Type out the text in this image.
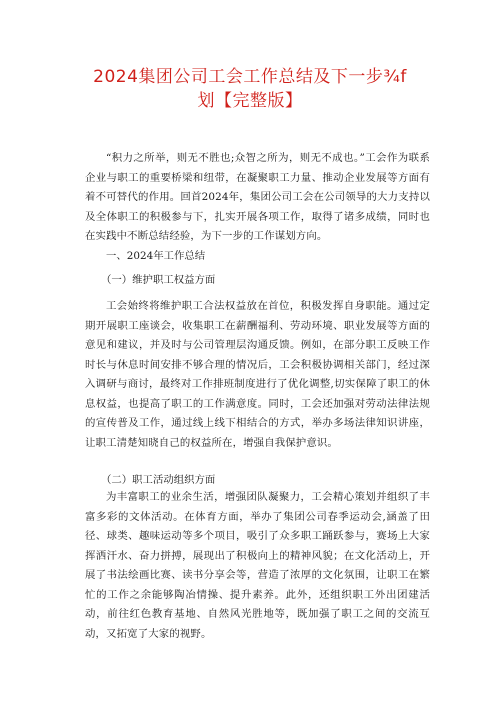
2024集团公司工会工作总结及下一步¾f
划【完整版】

“积力之所举，则无不胜也;众智之所为，则无不成也。”工会作为联系企业与职工的重要桥梁和纽带，在凝聚职工力量、推动企业发展等方面有着不可替代的作用。回首2024年，集团公司工会在公司领导的大力支持以及全体职工的积极参与下，扎实开展各项工作，取得了诸多成绩，同时也在实践中不断总结经验，为下一步的工作谋划方向。

一、2024年工作总结

（一）维护职工权益方面

工会始终将维护职工合法权益放在首位，积极发挥自身职能。通过定期开展职工座谈会，收集职工在薪酬福利、劳动环境、职业发展等方面的意见和建议，并及时与公司管理层沟通反馈。例如，在部分职工反映工作时长与休息时间安排不够合理的情况后，工会积极协调相关部门，经过深入调研与商讨，最终对工作排班制度进行了优化调整,切实保障了职工的休息权益，也提高了职工的工作满意度。同时，工会还加强对劳动法律法规的宣传普及工作，通过线上线下相结合的方式，举办多场法律知识讲座，让职工清楚知晓自己的权益所在，增强自我保护意识。

（二）职工活动组织方面

为丰富职工的业余生活，增强团队凝聚力，工会精心策划并组织了丰富多彩的文体活动。在体育方面，举办了集团公司春季运动会,涵盖了田径、球类、趣味运动等多个项目，吸引了众多职工踊跃参与，赛场上大家挥洒汗水、奋力拼搏，展现出了积极向上的精神风貌；在文化活动上，开展了书法绘画比赛、读书分享会等，营造了浓厚的文化氛围，让职工在繁忙的工作之余能够陶冶情操、提升素养。此外，还组织职工外出团建活动，前往红色教育基地、自然风光胜地等，既加强了职工之间的交流互动，又拓宽了大家的视野。
